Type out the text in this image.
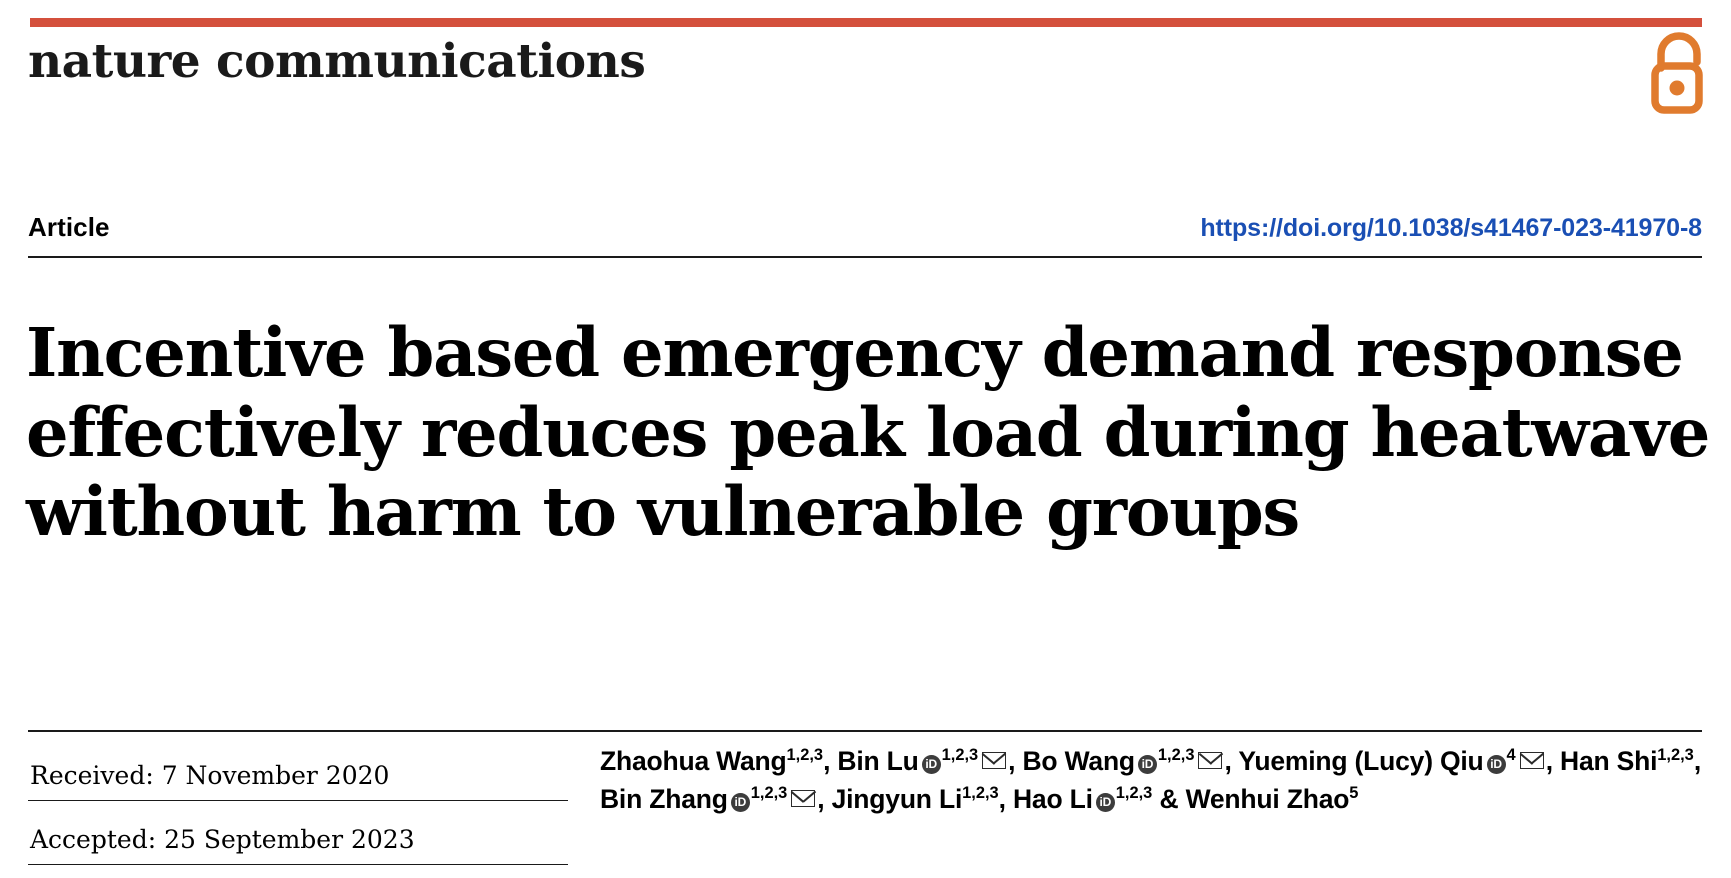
nature communications
Article	https://doi.org/10.1038/s41467-023-41970-8
Incentive based emergency demand response effectively reduces peak load during heatwave without harm to vulnerable groups
Received: 7 November 2020
Accepted: 25 September 2023
Zhaohua Wang$^{1,2,3}$, Bin Lu iD $^{1,2,3}$ , Bo Wang iD $^{1,2,3}$ , Yueming (Lucy) Qiu iD $^4$ , Han Shi$^{1,2,3}$, Bin Zhang iD $^{1,2,3}$ , Jingyun Li$^{1,2,3}$, Hao Li iD $^{1,2,3}$ & Wenhui Zhao$^5$
